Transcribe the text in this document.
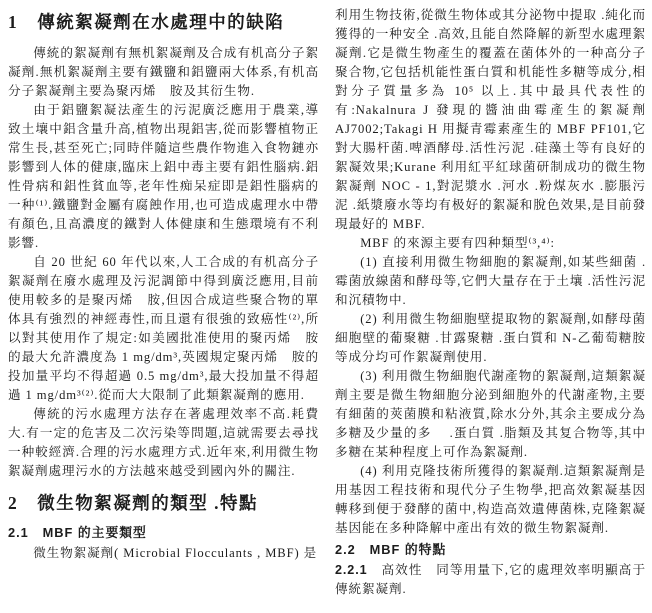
1　傳統絮凝劑在水處理中的缺陷

傳統的絮凝劑有無机絮凝劑及合成有机高分子絮凝劑.無机絮凝劑主要有鐵鹽和鋁鹽兩大体系,有机高分子絮凝劑主要為聚丙烯　胺及其衍生物.

由于鋁鹽絮凝法產生的污泥廣泛應用于農業,導致土壤中鋁含量升高,植物出現鋁害,從而影響植物正常生長,甚至死亡;同時伴隨這些農作物進入食物鏈亦影響到人体的健康,臨床上鋁中毒主要有鋁性腦病.鋁性骨病和鋁性貧血等,老年性痴呆症即是鋁性腦病的一种⁽¹⁾.鐵鹽對金屬有腐蝕作用,也可造成處理水中帶有顏色,且高濃度的鐵對人体健康和生態環境有不利影響.

自 20 世紀 60 年代以來,人工合成的有机高分子絮凝劑在廢水處理及污泥調節中得到廣泛應用,目前使用較多的是聚丙烯　胺,但因合成這些聚合物的單体具有強烈的神經毒性,而且還有很強的致癌性⁽²⁾,所以對其使用作了規定:如美國批准使用的聚丙烯　胺的最大允許濃度為 1 mg/dm³,英國規定聚丙烯　胺的投加量平均不得超過 0.5 mg/dm³,最大投加量不得超過 1 mg/dm³⁽²⁾.從而大大限制了此類絮凝劑的應用.

傳統的污水處理方法存在著處理效率不高.耗費大.有一定的危害及二次污染等問題,這就需要去尋找一种較經濟.合理的污水處理方式.近年來,利用微生物絮凝劑處理污水的方法越來越受到國內外的關注.

2　微生物絮凝劑的類型 .特點
2.1　MBF 的主要類型

微生物絮凝劑( Microbial Flocculants , MBF) 是

利用生物技術,從微生物体或其分泌物中提取 .純化而獲得的一种安全 .高效,且能自然降解的新型水處理絮凝劑.它是微生物產生的覆蓋在菌体外的一种高分子聚合物,它包括机能性蛋白質和机能性多糖等成分,相對分子質量多為 10⁵ 以上.其中最具代表性的有:Nakalnura J 發現的醬油曲霉產生的絮凝劑 AJ7002;Takagi H 用擬青霉素產生的 MBF PF101,它對大腸杆菌.啤酒酵母.活性污泥 .硅藻土等有良好的絮凝效果;Kurane 利用紅平紅球菌研制成功的微生物絮凝劑 NOC - 1,對泥漿水 .河水 .粉煤灰水 .膨脹污泥 .紙漿廢水等均有极好的絮凝和脫色效果,是目前發現最好的 MBF.

MBF 的來源主要有四种類型⁽³,⁴⁾:

(1) 直接利用微生物細胞的絮凝劑,如某些細菌 .霉菌放線菌和酵母等,它們大量存在于土壤 .活性污泥和沉積物中.

(2) 利用微生物細胞壁提取物的絮凝劑,如酵母菌細胞壁的葡聚糖 .甘露聚糖 .蛋白質和 N-乙葡萄糖胺等成分均可作絮凝劑使用.

(3) 利用微生物細胞代謝產物的絮凝劑,這類絮凝劑主要是微生物細胞分泌到細胞外的代謝產物,主要有細菌的莢菌膜和粘液質,除水分外,其余主要成分為多糖及少量的多　 .蛋白質 .脂類及其复合物等,其中多糖在某种程度上可作為絮凝劑.

(4) 利用克隆技術所獲得的絮凝劑.這類絮凝劑是用基因工程技術和現代分子生物學,把高效絮凝基因轉移到便于發酵的菌中,构造高效遺傳菌株,克隆絮凝基因能在多种降解中產出有效的微生物絮凝劑.

2.2　MBF 的特點

2.2.1　高效性　同等用量下,它的處理效率明顯高于傳統絮凝劑.
